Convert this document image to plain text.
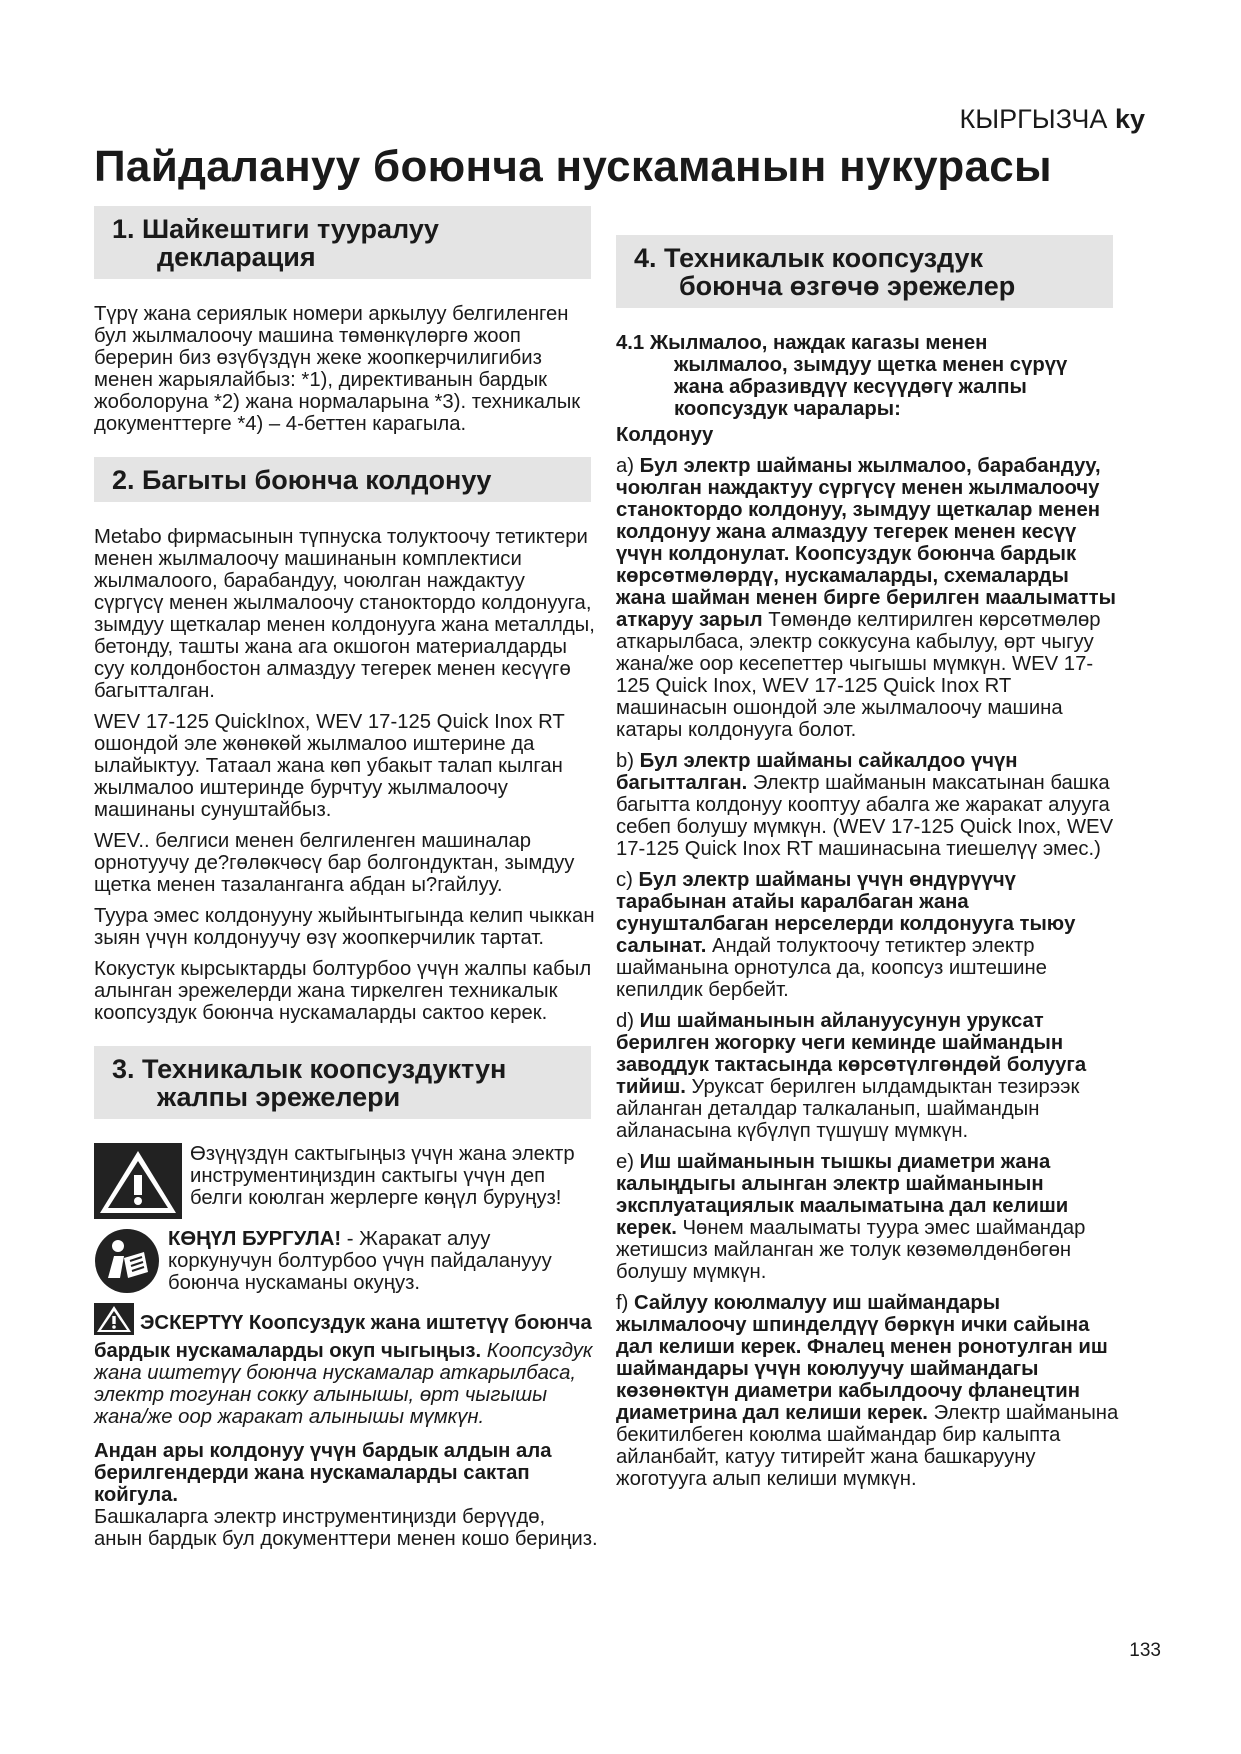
КЫРГЫЗЧА ky
Пайдалануу боюнча нускаманын нукурасы
1. Шайкештиги тууралуу
декларация

Түрү жана сериялык номери аркылуу белгиленген бул жылмалоочу машина төмөнкүлөргө жооп берерин биз өзүбүздүн жеке жоопкерчилигибиз менен жарыялайбыз: *1), директиванын бардык жоболоруна *2) жана нормаларына *3). техникалык документтерге *4) – 4-беттен карагыла.

2. Багыты боюнча колдонуу

Metabo фирмасынын түпнуска толуктоочу тетиктери менен жылмалоочу машинанын комплектиси жылмалоого, барабандуу, чоюлган наждактуу сүргүсү менен жылмалоочу станоктордо колдонууга, зымдуу щеткалар менен колдонууга жана металлды, бетонду, ташты жана ага окшогон материалдарды суу колдонбостон алмаздуу тегерек менен кесүүгө багытталган.

WEV 17-125 QuickInox, WEV 17-125 Quick Inox RT ошондой эле жөнөкөй жылмалоо иштерине да ылайыктуу. Татаал жана көп убакыт талап кылган жылмалоо иштеринде бурчтуу жылмалоочу машинаны сунуштайбыз.

WEV.. белгиси менен белгиленген машиналар орнотуучу де?гөлөкчөсү бар болгондуктан, зымдуу щетка менен тазаланганга абдан ы?гайлуу.

Туура эмес колдонууну жыйынтыгында келип чыккан зыян үчүн колдонуучу өзү жоопкерчилик тартат.

Кокустук кырсыктарды болтурбоо үчүн жалпы кабыл алынган эрежелерди жана тиркелген техникалык коопсуздук боюнча нускамаларды сактоо керек.

3. Техникалык коопсуздуктун
жалпы эрежелери

Өзүңүздүн сактыгыңыз үчүн жана электр инструментиңиздин сактыгы үчүн деп белги коюлган жерлерге көңүл буруңуз!

КӨҢҮЛ БУРГУЛА! - Жаракат алуу коркунучун болтурбоо үчүн пайдаланууу боюнча нускаманы окуңуз.

ЭСКЕРТҮҮ Коопсуздук жана иштетүү боюнча бардык нускамаларды окуп чыгыңыз. Коопсуздук жана иштетүү боюнча нускамалар аткарылбаса, электр тогунан сокку алынышы, өрт чыгышы жана/же оор жаракат алынышы мүмкүн.

Андан ары колдонуу үчүн бардык алдын ала берилгендерди жана нускамаларды сактап койгула.

Башкаларга электр инструментиңизди берүүдө, анын бардык бул документтери менен кошо бериңиз.

4. Техникалык коопсуздук
боюнча өзгөчө эрежелер
4.1 Жылмалоо, наждак кагазы менен
жылмалоо, зымдуу щетка менен сүрүү жана абразивдүү кесүүдөгү жалпы коопсуздук чаралары:

Колдонуу

a) Бул электр шайманы жылмалоо, барабандуу, чоюлган наждактуу сүргүсү менен жылмалоочу станоктордо колдонуу, зымдуу щеткалар менен колдонуу жана алмаздуу тегерек менен кесүү үчүн колдонулат. Коопсуздук боюнча бардык көрсөтмөлөрдү, нускамаларды, схемаларды жана шайман менен бирге берилген маалыматты аткаруу зарыл Төмөндө келтирилген көрсөтмөлөр аткарылбаса, электр соккусуна кабылуу, өрт чыгуу жана/же оор кесепеттер чыгышы мүмкүн. WEV 17-125 Quick Inox, WEV 17-125 Quick Inox RT машинасын ошондой эле жылмалоочу машина катары колдонууга болот.

b) Бул электр шайманы сайкалдоо үчүн багытталган. Электр шайманын максатынан башка багытта колдонуу кооптуу абалга же жаракат алууга себеп болушу мүмкүн. (WEV 17-125 Quick Inox, WEV 17-125 Quick Inox RT машинасына тиешелүү эмес.)

c) Бул электр шайманы үчүн өндүрүүчү тарабынан атайы каралбаган жана сунушталбаган нерселерди колдонууга тыюу салынат. Андай толуктоочу тетиктер электр шайманына орнотулса да, коопсуз иштешине кепилдик бербейт.

d) Иш шайманынын айлануусунун уруксат берилген жогорку чеги кеминде шаймандын заводдук тактасында көрсөтүлгөндөй болууга тийиш. Уруксат берилген ылдамдыктан тезирээк айланган деталдар талкаланып, шаймандын айланасына күбүлүп түшүшү мүмкүн.

e) Иш шайманынын тышкы диаметри жана калыңдыгы алынган электр шайманынын эксплуатациялык маалыматына дал келиши керек. Чөнем маалыматы туура эмес шаймандар жетишсиз майланган же толук көзөмөлдөнбөгөн болушу мүмкүн.

f) Сайлуу коюлмалуу иш шаймандары жылмалоочу шпинделдүү бөркүн ички сайына дал келиши керек. Фналец менен ронотулган иш шаймандары үчүн коюлуучу шаймандагы көзөнөктүн диаметри кабылдоочу фланецтин диаметрина дал келиши керек. Электр шайманына бекитилбеген коюлма шаймандар бир калыпта айланбайт, катуу титирейт жана башкарууну жоготууга алып келиши мүмкүн.

133
